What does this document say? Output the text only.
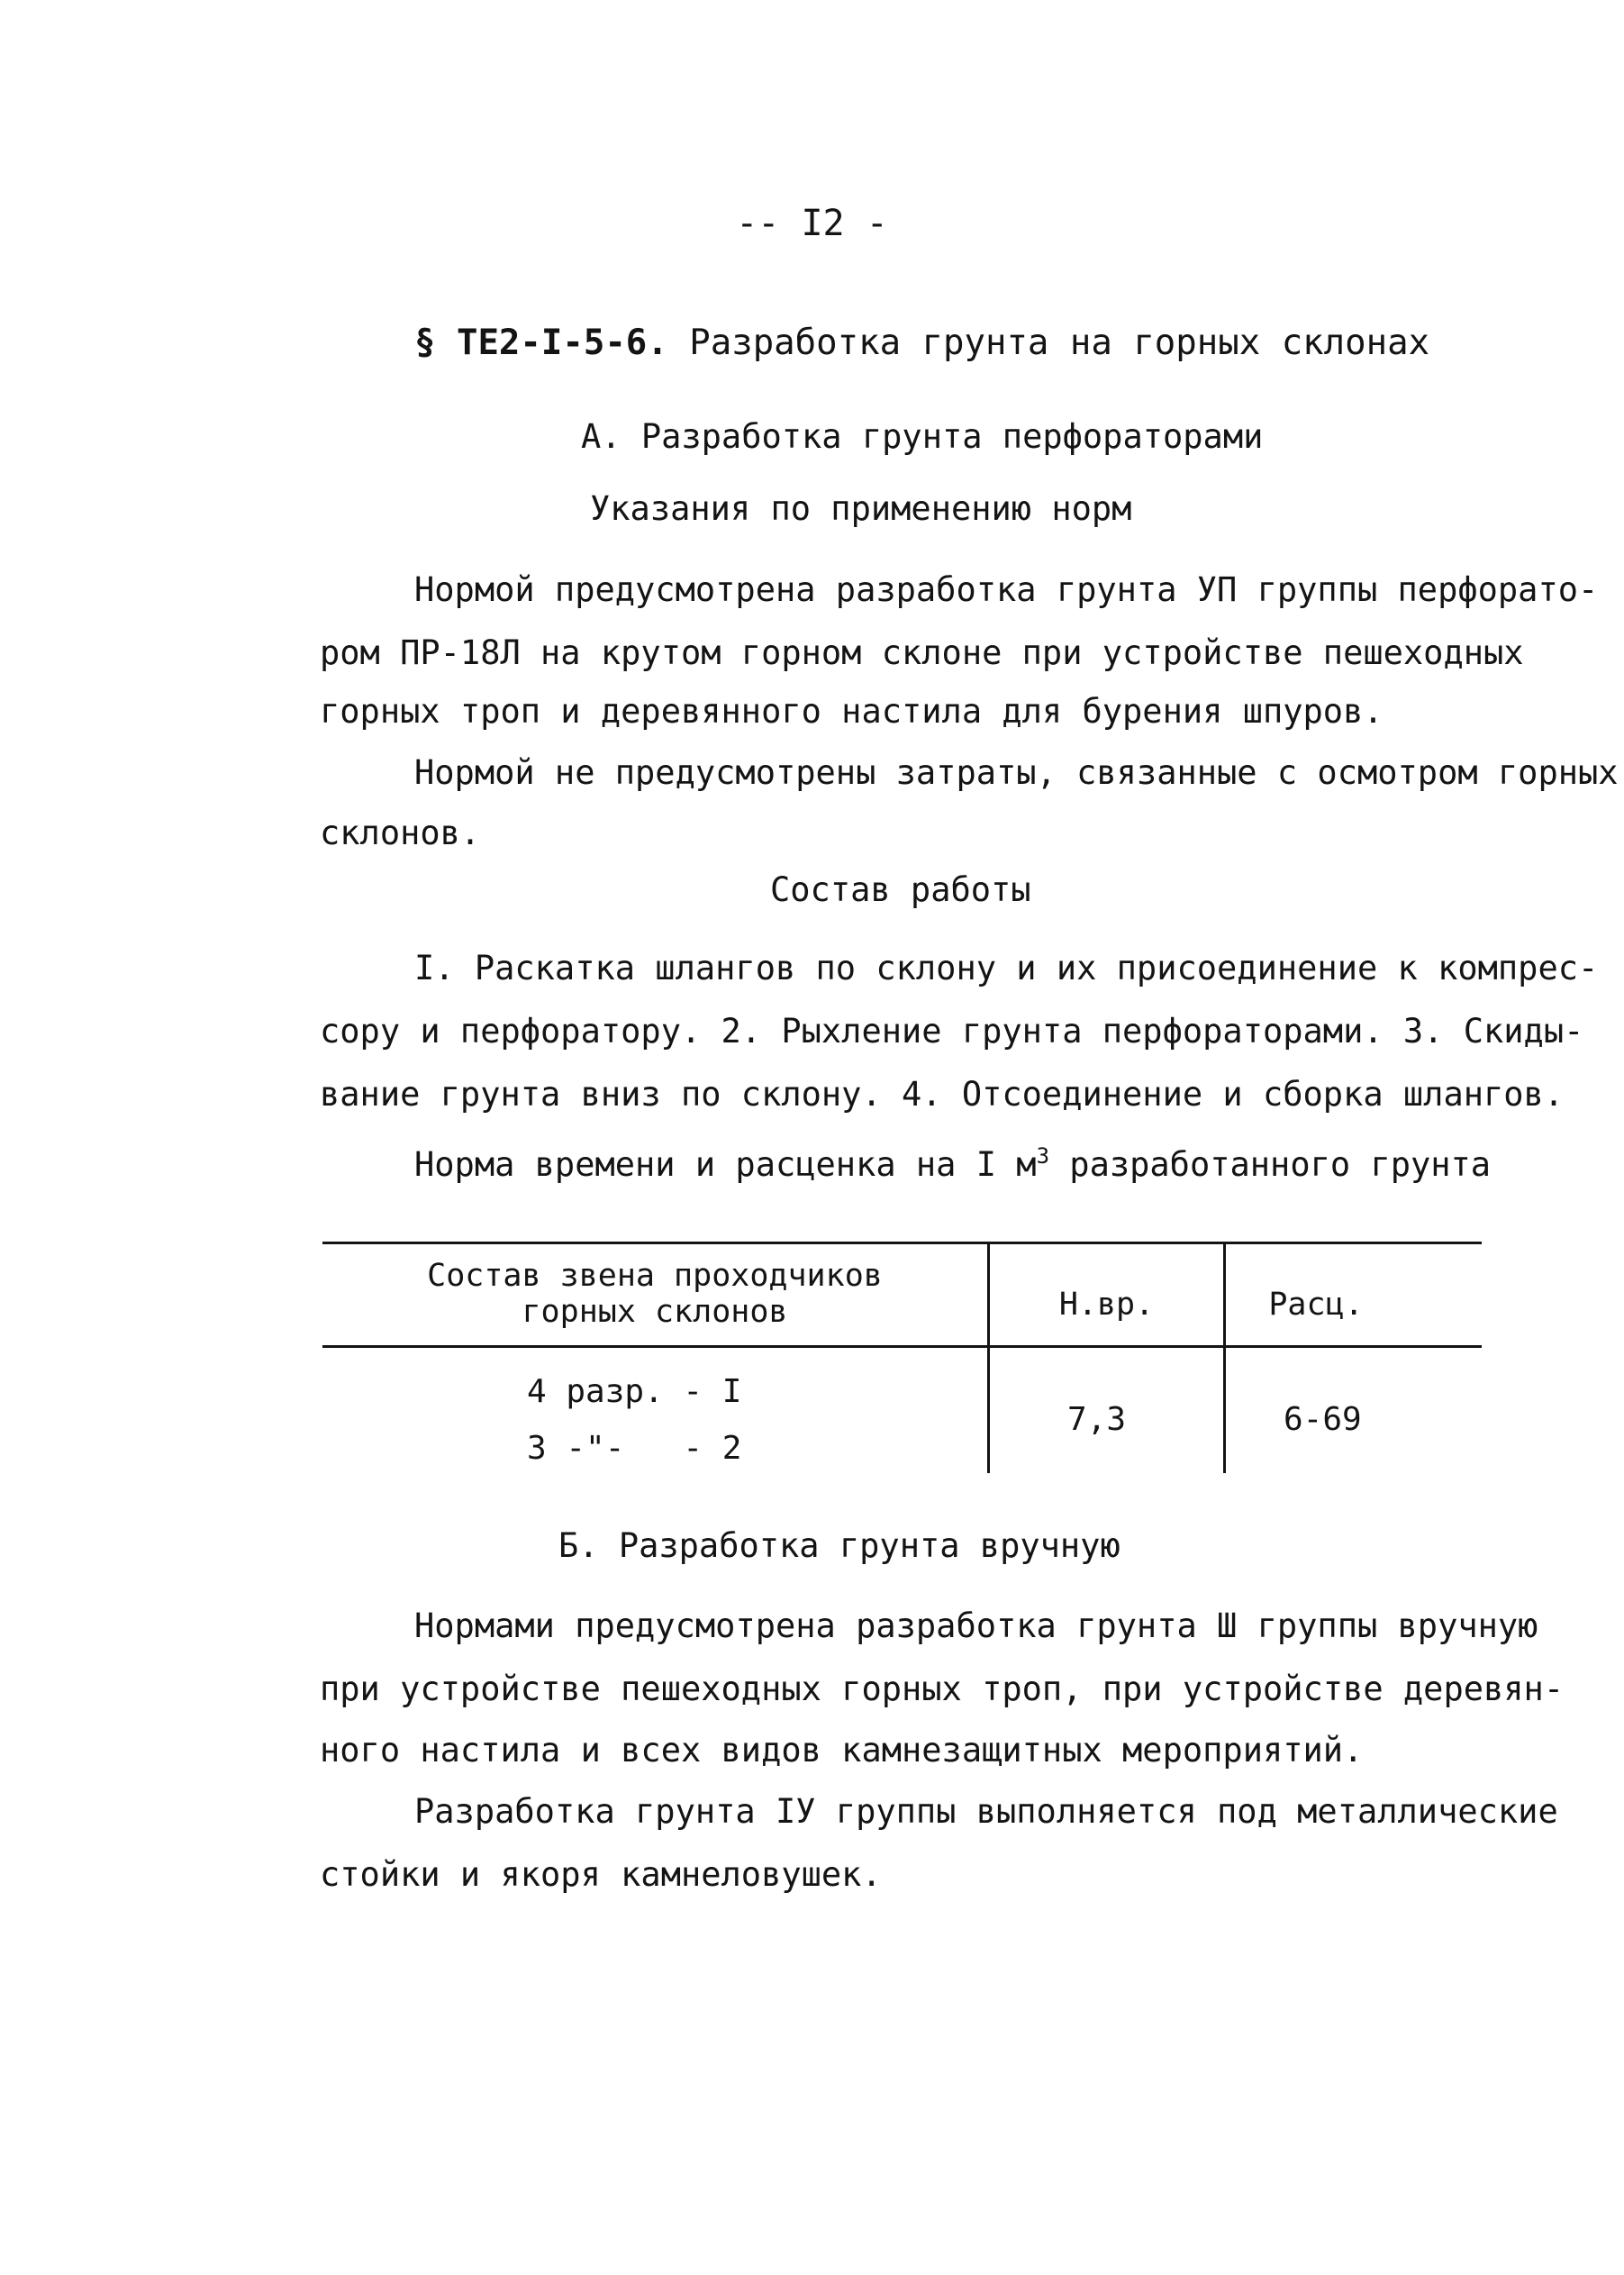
-- I2 -
§ ТЕ2-I-5-6. Разработка грунта на горных склонах
А. Разработка грунта перфораторами
Указания по применению норм
Нормой предусмотрена разработка грунта УП группы перфорато-
ром ПР-18Л на крутом горном склоне при устройстве пешеходных
горных троп и деревянного настила для бурения шпуров.
Нормой не предусмотрены затраты, связанные с осмотром горных
склонов.
Состав работы
I. Раскатка шлангов по склону и их присоединение к компрес-
сору и перфоратору. 2. Рыхление грунта перфораторами. 3. Скиды-
вание грунта вниз по склону. 4. Отсоединение и сборка шлангов.
Норма времени и расценка на I $м^3$ разработанного грунта
Состав звена проходчиков
горных склонов	Н.вр.	Расц.
4 разр. - I
3 -"-   - 2
7,3	6-69
Б. Разработка грунта вручную
Нормами предусмотрена разработка грунта Ш группы вручную
при устройстве пешеходных горных троп, при устройстве деревян-
ного настила и всех видов камнезащитных мероприятий.
Разработка грунта IУ группы выполняется под металлические
стойки и якоря камнеловушек.
